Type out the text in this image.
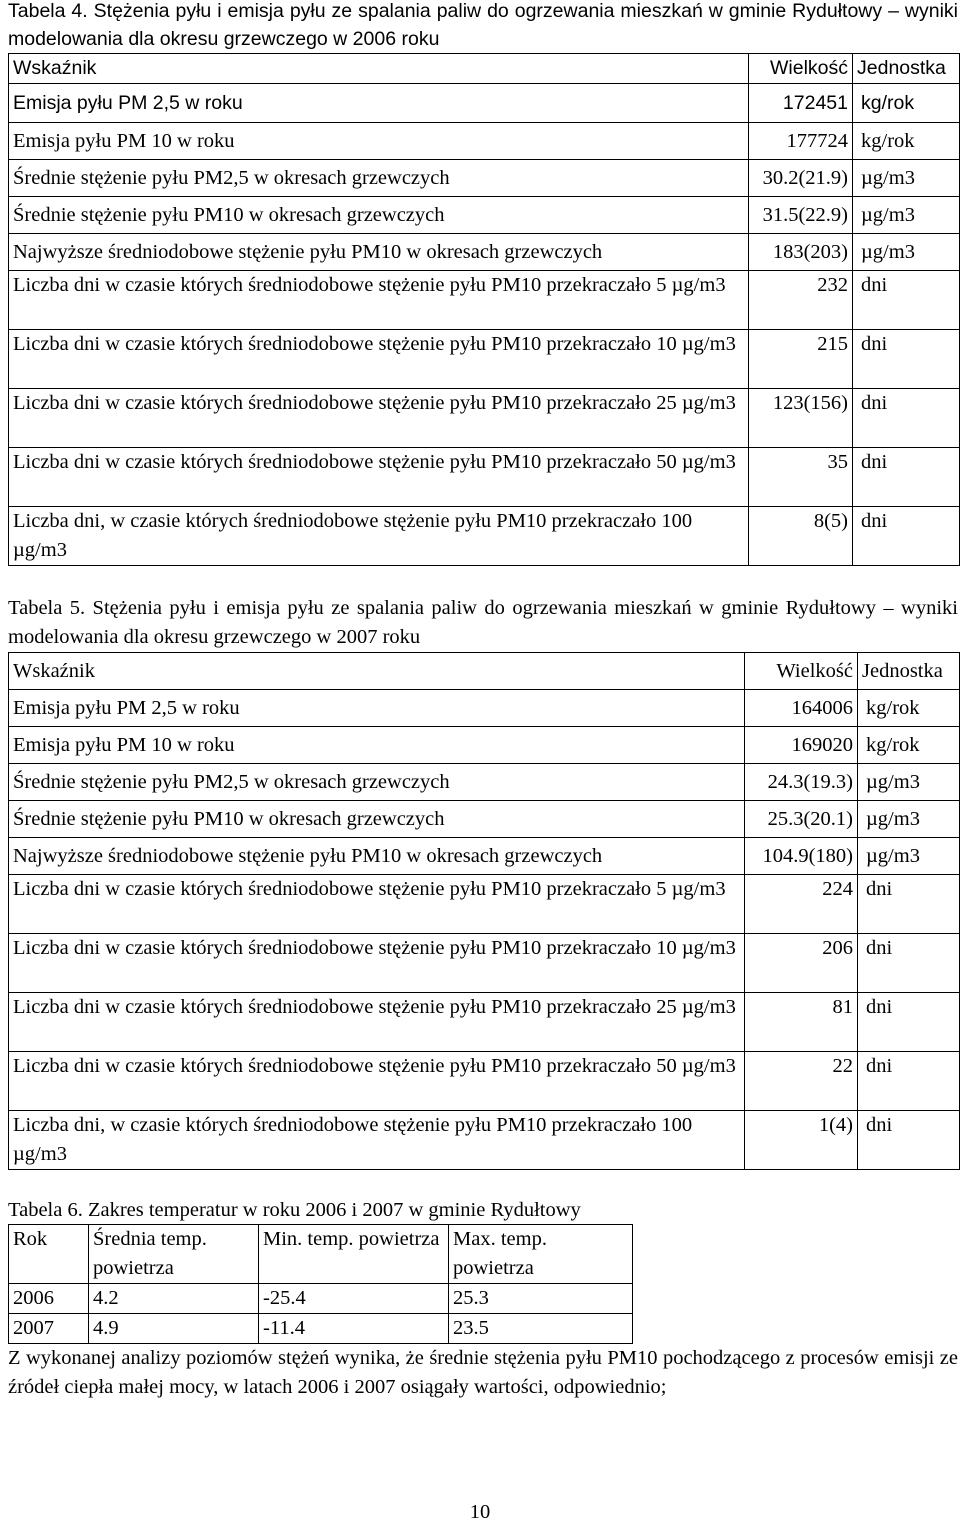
Tabela 4. Stężenia pyłu i emisja pyłu ze spalania paliw do ogrzewania mieszkań w gminie Rydułtowy – wyniki modelowania dla okresu grzewczego w 2006 roku

Wskaźnik	Wielkość	Jednostka
Emisja pyłu PM 2,5 w roku	172451	kg/rok
Emisja pyłu PM 10 w roku	177724	kg/rok
Średnie stężenie pyłu PM2,5 w okresach grzewczych	30.2(21.9)	µg/m3
Średnie stężenie pyłu PM10 w okresach grzewczych	31.5(22.9)	µg/m3
Najwyższe średniodobowe stężenie pyłu PM10 w okresach grzewczych	183(203)	µg/m3
Liczba dni w czasie których średniodobowe stężenie pyłu PM10 przekraczało 5 µg/m3	232	dni
Liczba dni w czasie których średniodobowe stężenie pyłu PM10 przekraczało 10 µg/m3	215	dni
Liczba dni w czasie których średniodobowe stężenie pyłu PM10 przekraczało 25 µg/m3	123(156)	dni
Liczba dni w czasie których średniodobowe stężenie pyłu PM10 przekraczało 50 µg/m3	35	dni
Liczba dni, w czasie których średniodobowe stężenie pyłu PM10 przekraczało 100 µg/m3	8(5)	dni

Tabela 5. Stężenia pyłu i emisja pyłu ze spalania paliw do ogrzewania mieszkań w gminie Rydułtowy – wyniki modelowania dla okresu grzewczego w 2007 roku

Wskaźnik	Wielkość	Jednostka
Emisja pyłu PM 2,5 w roku	164006	kg/rok
Emisja pyłu PM 10 w roku	169020	kg/rok
Średnie stężenie pyłu PM2,5 w okresach grzewczych	24.3(19.3)	µg/m3
Średnie stężenie pyłu PM10 w okresach grzewczych	25.3(20.1)	µg/m3
Najwyższe średniodobowe stężenie pyłu PM10 w okresach grzewczych	104.9(180)	µg/m3
Liczba dni w czasie których średniodobowe stężenie pyłu PM10 przekraczało 5 µg/m3	224	dni
Liczba dni w czasie których średniodobowe stężenie pyłu PM10 przekraczało 10 µg/m3	206	dni
Liczba dni w czasie których średniodobowe stężenie pyłu PM10 przekraczało 25 µg/m3	81	dni
Liczba dni w czasie których średniodobowe stężenie pyłu PM10 przekraczało 50 µg/m3	22	dni
Liczba dni, w czasie których średniodobowe stężenie pyłu PM10 przekraczało 100 µg/m3	1(4)	dni

Tabela 6. Zakres temperatur w roku 2006 i 2007 w gminie Rydułtowy

Rok	Średnia temp. powietrza	Min. temp. powietrza	Max. temp. powietrza
2006	4.2	-25.4	25.3
2007	4.9	-11.4	23.5

Z wykonanej analizy poziomów stężeń wynika, że średnie stężenia pyłu PM10 pochodzącego z procesów emisji ze źródeł ciepła małej mocy, w latach 2006 i 2007 osiągały wartości, odpowiednio;

10
